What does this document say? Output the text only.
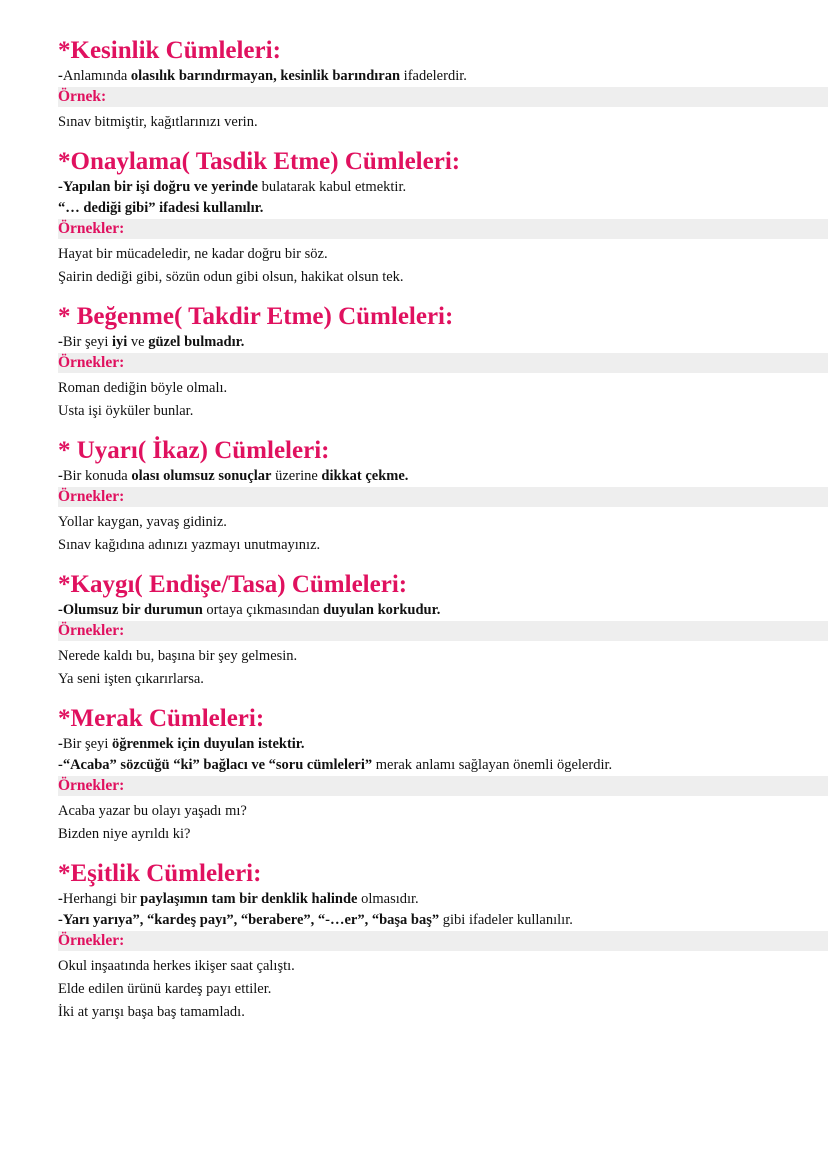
*Kesinlik Cümleleri:

-Anlamında olasılık barındırmayan, kesinlik barındıran ifadelerdir.

Örnek:

Sınav bitmiştir, kağıtlarınızı verin.

*Onaylama( Tasdik Etme) Cümleleri:

-Yapılan bir işi doğru ve yerinde bulatarak kabul etmektir.

“… dediği gibi” ifadesi kullanılır.

Örnekler:

Hayat bir mücadeledir, ne kadar doğru bir söz.

Şairin dediği gibi, sözün odun gibi olsun, hakikat olsun tek.

* Beğenme( Takdir Etme) Cümleleri:

-Bir şeyi iyi ve güzel bulmadır.

Örnekler:

Roman dediğin böyle olmalı.

Usta işi öyküler bunlar.

* Uyarı( İkaz) Cümleleri:

-Bir konuda olası olumsuz sonuçlar üzerine dikkat çekme.

Örnekler:

Yollar kaygan, yavaş gidiniz.

Sınav kağıdına adınızı yazmayı unutmayınız.

*Kaygı( Endişe/Tasa) Cümleleri:

-Olumsuz bir durumun ortaya çıkmasından duyulan korkudur.

Örnekler:

Nerede kaldı bu, başına bir şey gelmesin.

Ya seni işten çıkarırlarsa.

*Merak Cümleleri:

-Bir şeyi öğrenmek için duyulan istektir.

-“Acaba” sözcüğü “ki” bağlacı ve “soru cümleleri” merak anlamı sağlayan önemli ögelerdir.

Örnekler:

Acaba yazar bu olayı yaşadı mı?

Bizden niye ayrıldı ki?

*Eşitlik Cümleleri:

-Herhangi bir paylaşımın tam bir denklik halinde olmasıdır.

-Yarı yarıya”, “kardeş payı”, “berabere”, “-…er”, “başa baş” gibi ifadeler kullanılır.

Örnekler:

Okul inşaatında herkes ikişer saat çalıştı.

Elde edilen ürünü kardeş payı ettiler.

İki at yarışı başa baş tamamladı.
